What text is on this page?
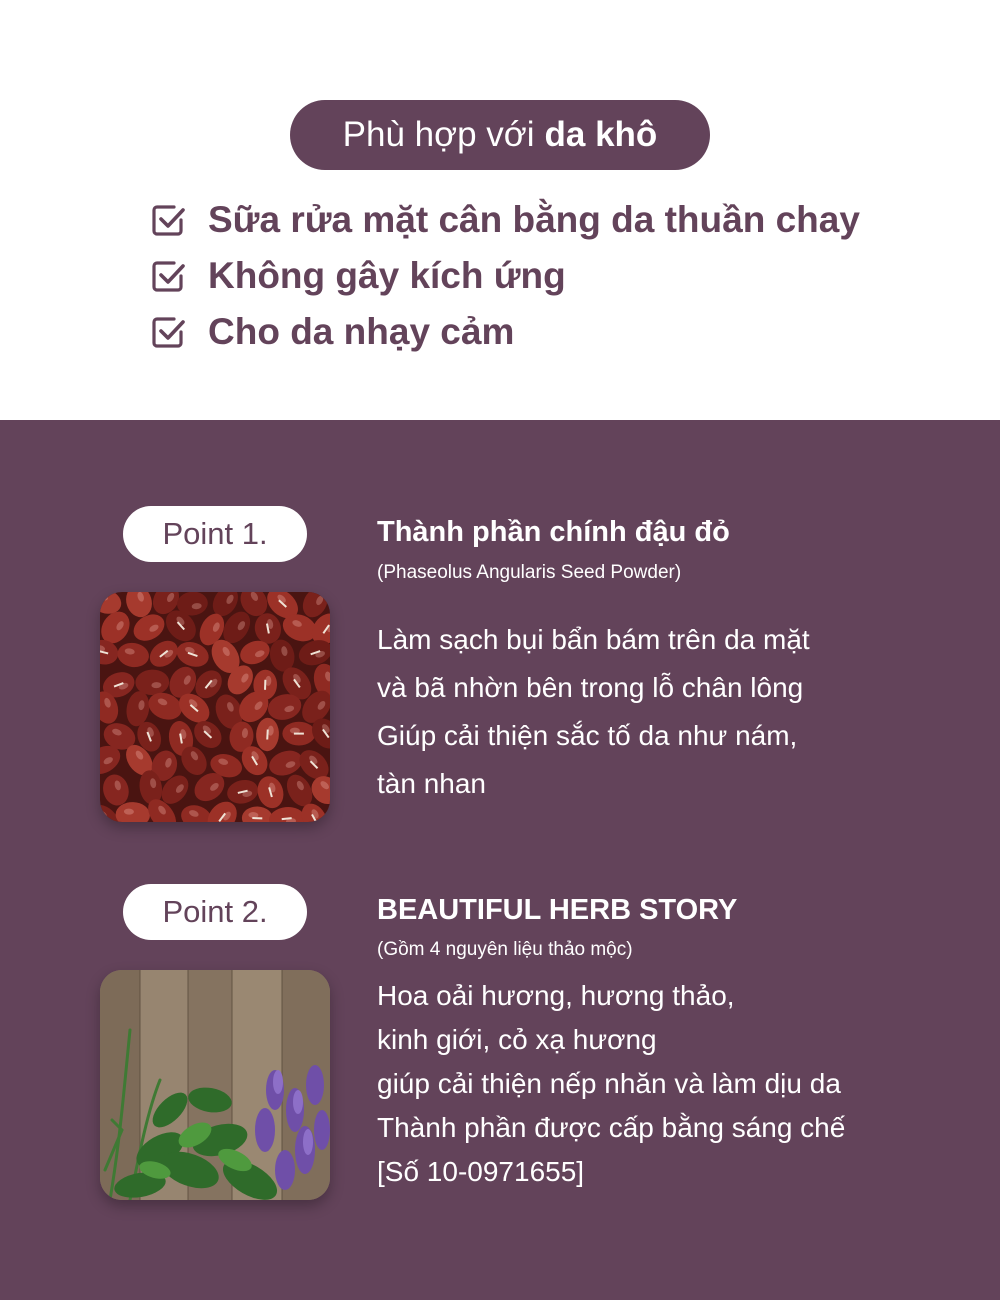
Phù hợp với da khô
Sữa rửa mặt cân bằng da thuần chay
Không gây kích ứng
Cho da nhạy cảm
Point 1.	Thành phần chính đậu đỏ
(Phaseolus Angularis Seed Powder)
Làm sạch bụi bẩn bám trên da mặt
và bã nhờn bên trong lỗ chân lông
Giúp cải thiện sắc tố da như nám,
tàn nhan
Point 2.	BEAUTIFUL HERB STORY
(Gồm 4 nguyên liệu thảo mộc)
Hoa oải hương, hương thảo,
kinh giới, cỏ xạ hương
giúp cải thiện nếp nhăn và làm dịu da
Thành phần được cấp bằng sáng chế
[Số 10-0971655]
